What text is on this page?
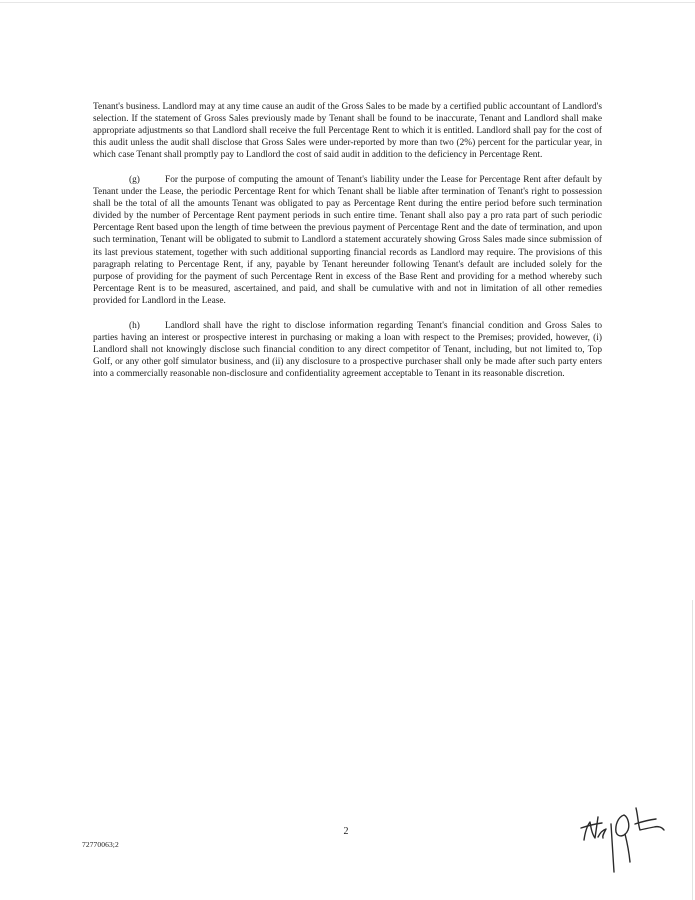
Tenant's business. Landlord may at any time cause an audit of the Gross Sales to be made by a certified public accountant of Landlord's selection. If the statement of Gross Sales previously made by Tenant shall be found to be inaccurate, Tenant and Landlord shall make appropriate adjustments so that Landlord shall receive the full Percentage Rent to which it is entitled. Landlord shall pay for the cost of this audit unless the audit shall disclose that Gross Sales were under-reported by more than two (2%) percent for the particular year, in which case Tenant shall promptly pay to Landlord the cost of said audit in addition to the deficiency in Percentage Rent.

(g)	For the purpose of computing the amount of Tenant's liability under the Lease for Percentage Rent after default by Tenant under the Lease, the periodic Percentage Rent for which Tenant shall be liable after termination of Tenant's right to possession shall be the total of all the amounts Tenant was obligated to pay as Percentage Rent during the entire period before such termination divided by the number of Percentage Rent payment periods in such entire time. Tenant shall also pay a pro rata part of such periodic Percentage Rent based upon the length of time between the previous payment of Percentage Rent and the date of termination, and upon such termination, Tenant will be obligated to submit to Landlord a statement accurately showing Gross Sales made since submission of its last previous statement, together with such additional supporting financial records as Landlord may require. The provisions of this paragraph relating to Percentage Rent, if any, payable by Tenant hereunder following Tenant's default are included solely for the purpose of providing for the payment of such Percentage Rent in excess of the Base Rent and providing for a method whereby such Percentage Rent is to be measured, ascertained, and paid, and shall be cumulative with and not in limitation of all other remedies provided for Landlord in the Lease.

(h)	Landlord shall have the right to disclose information regarding Tenant's financial condition and Gross Sales to parties having an interest or prospective interest in purchasing or making a loan with respect to the Premises; provided, however, (i) Landlord shall not knowingly disclose such financial condition to any direct competitor of Tenant, including, but not limited to, Top Golf, or any other golf simulator business, and (ii) any disclosure to a prospective purchaser shall only be made after such party enters into a commercially reasonable non-disclosure and confidentiality agreement acceptable to Tenant in its reasonable discretion.

2
72770063;2
